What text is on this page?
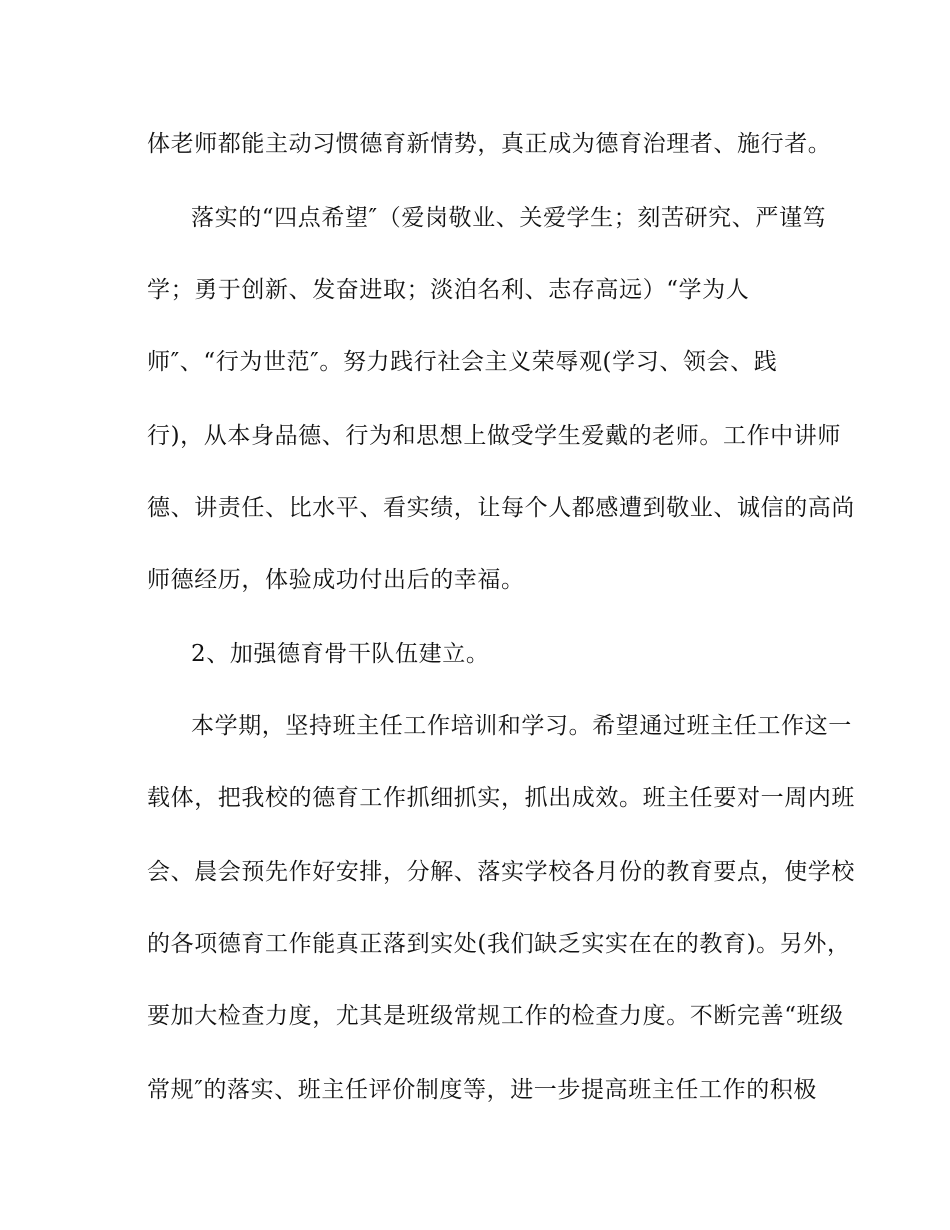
体老师都能主动习惯德育新情势，真正成为德育治理者、施行者。
落实的“四点希望″（爱岗敬业、关爱学生；刻苦研究、严谨笃
学；勇于创新、发奋进取；淡泊名利、志存高远）“学为人
师″、“行为世范″。努力践行社会主义荣辱观(学习、领会、践
行)，从本身品德、行为和思想上做受学生爱戴的老师。工作中讲师
德、讲责任、比水平、看实绩，让每个人都感遭到敬业、诚信的高尚
师德经历，体验成功付出后的幸福。
2、加强德育骨干队伍建立。
本学期，坚持班主任工作培训和学习。希望通过班主任工作这一
载体，把我校的德育工作抓细抓实，抓出成效。班主任要对一周内班
会、晨会预先作好安排，分解、落实学校各月份的教育要点，使学校
的各项德育工作能真正落到实处(我们缺乏实实在在的教育)。另外，
要加大检查力度，尤其是班级常规工作的检查力度。不断完善“班级
常规″的落实、班主任评价制度等，进一步提高班主任工作的积极
